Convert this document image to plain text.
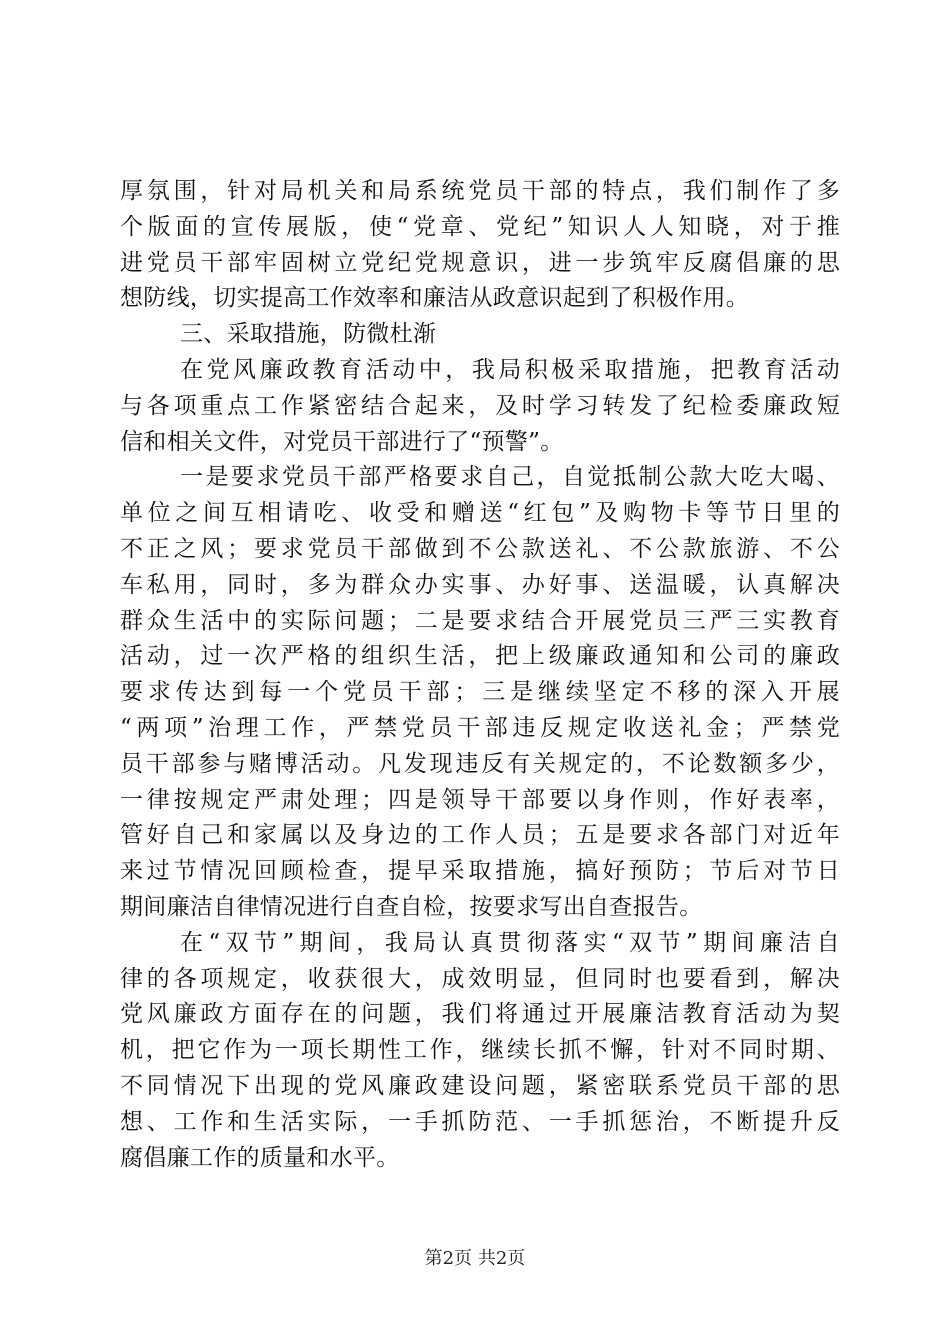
厚氛围，针对局机关和局系统党员干部的特点，我们制作了多
个版面的宣传展版，使“党章、党纪”知识人人知晓，对于推
进党员干部牢固树立党纪党规意识，进一步筑牢反腐倡廉的思
想防线，切实提高工作效率和廉洁从政意识起到了积极作用。
三、采取措施，防微杜渐
在党风廉政教育活动中，我局积极采取措施，把教育活动
与各项重点工作紧密结合起来，及时学习转发了纪检委廉政短
信和相关文件，对党员干部进行了“预警”。
一是要求党员干部严格要求自己，自觉抵制公款大吃大喝、
单位之间互相请吃、收受和赠送“红包”及购物卡等节日里的
不正之风；要求党员干部做到不公款送礼、不公款旅游、不公
车私用，同时，多为群众办实事、办好事、送温暖，认真解决
群众生活中的实际问题；二是要求结合开展党员三严三实教育
活动，过一次严格的组织生活，把上级廉政通知和公司的廉政
要求传达到每一个党员干部；三是继续坚定不移的深入开展
“两项”治理工作，严禁党员干部违反规定收送礼金；严禁党
员干部参与赌博活动。凡发现违反有关规定的，不论数额多少，
一律按规定严肃处理；四是领导干部要以身作则，作好表率，
管好自己和家属以及身边的工作人员；五是要求各部门对近年
来过节情况回顾检查，提早采取措施，搞好预防；节后对节日
期间廉洁自律情况进行自查自检，按要求写出自查报告。
在“双节”期间，我局认真贯彻落实“双节”期间廉洁自
律的各项规定，收获很大，成效明显，但同时也要看到，解决
党风廉政方面存在的问题，我们将通过开展廉洁教育活动为契
机，把它作为一项长期性工作，继续长抓不懈，针对不同时期、
不同情况下出现的党风廉政建设问题，紧密联系党员干部的思
想、工作和生活实际，一手抓防范、一手抓惩治，不断提升反
腐倡廉工作的质量和水平。
第2页 共2页
